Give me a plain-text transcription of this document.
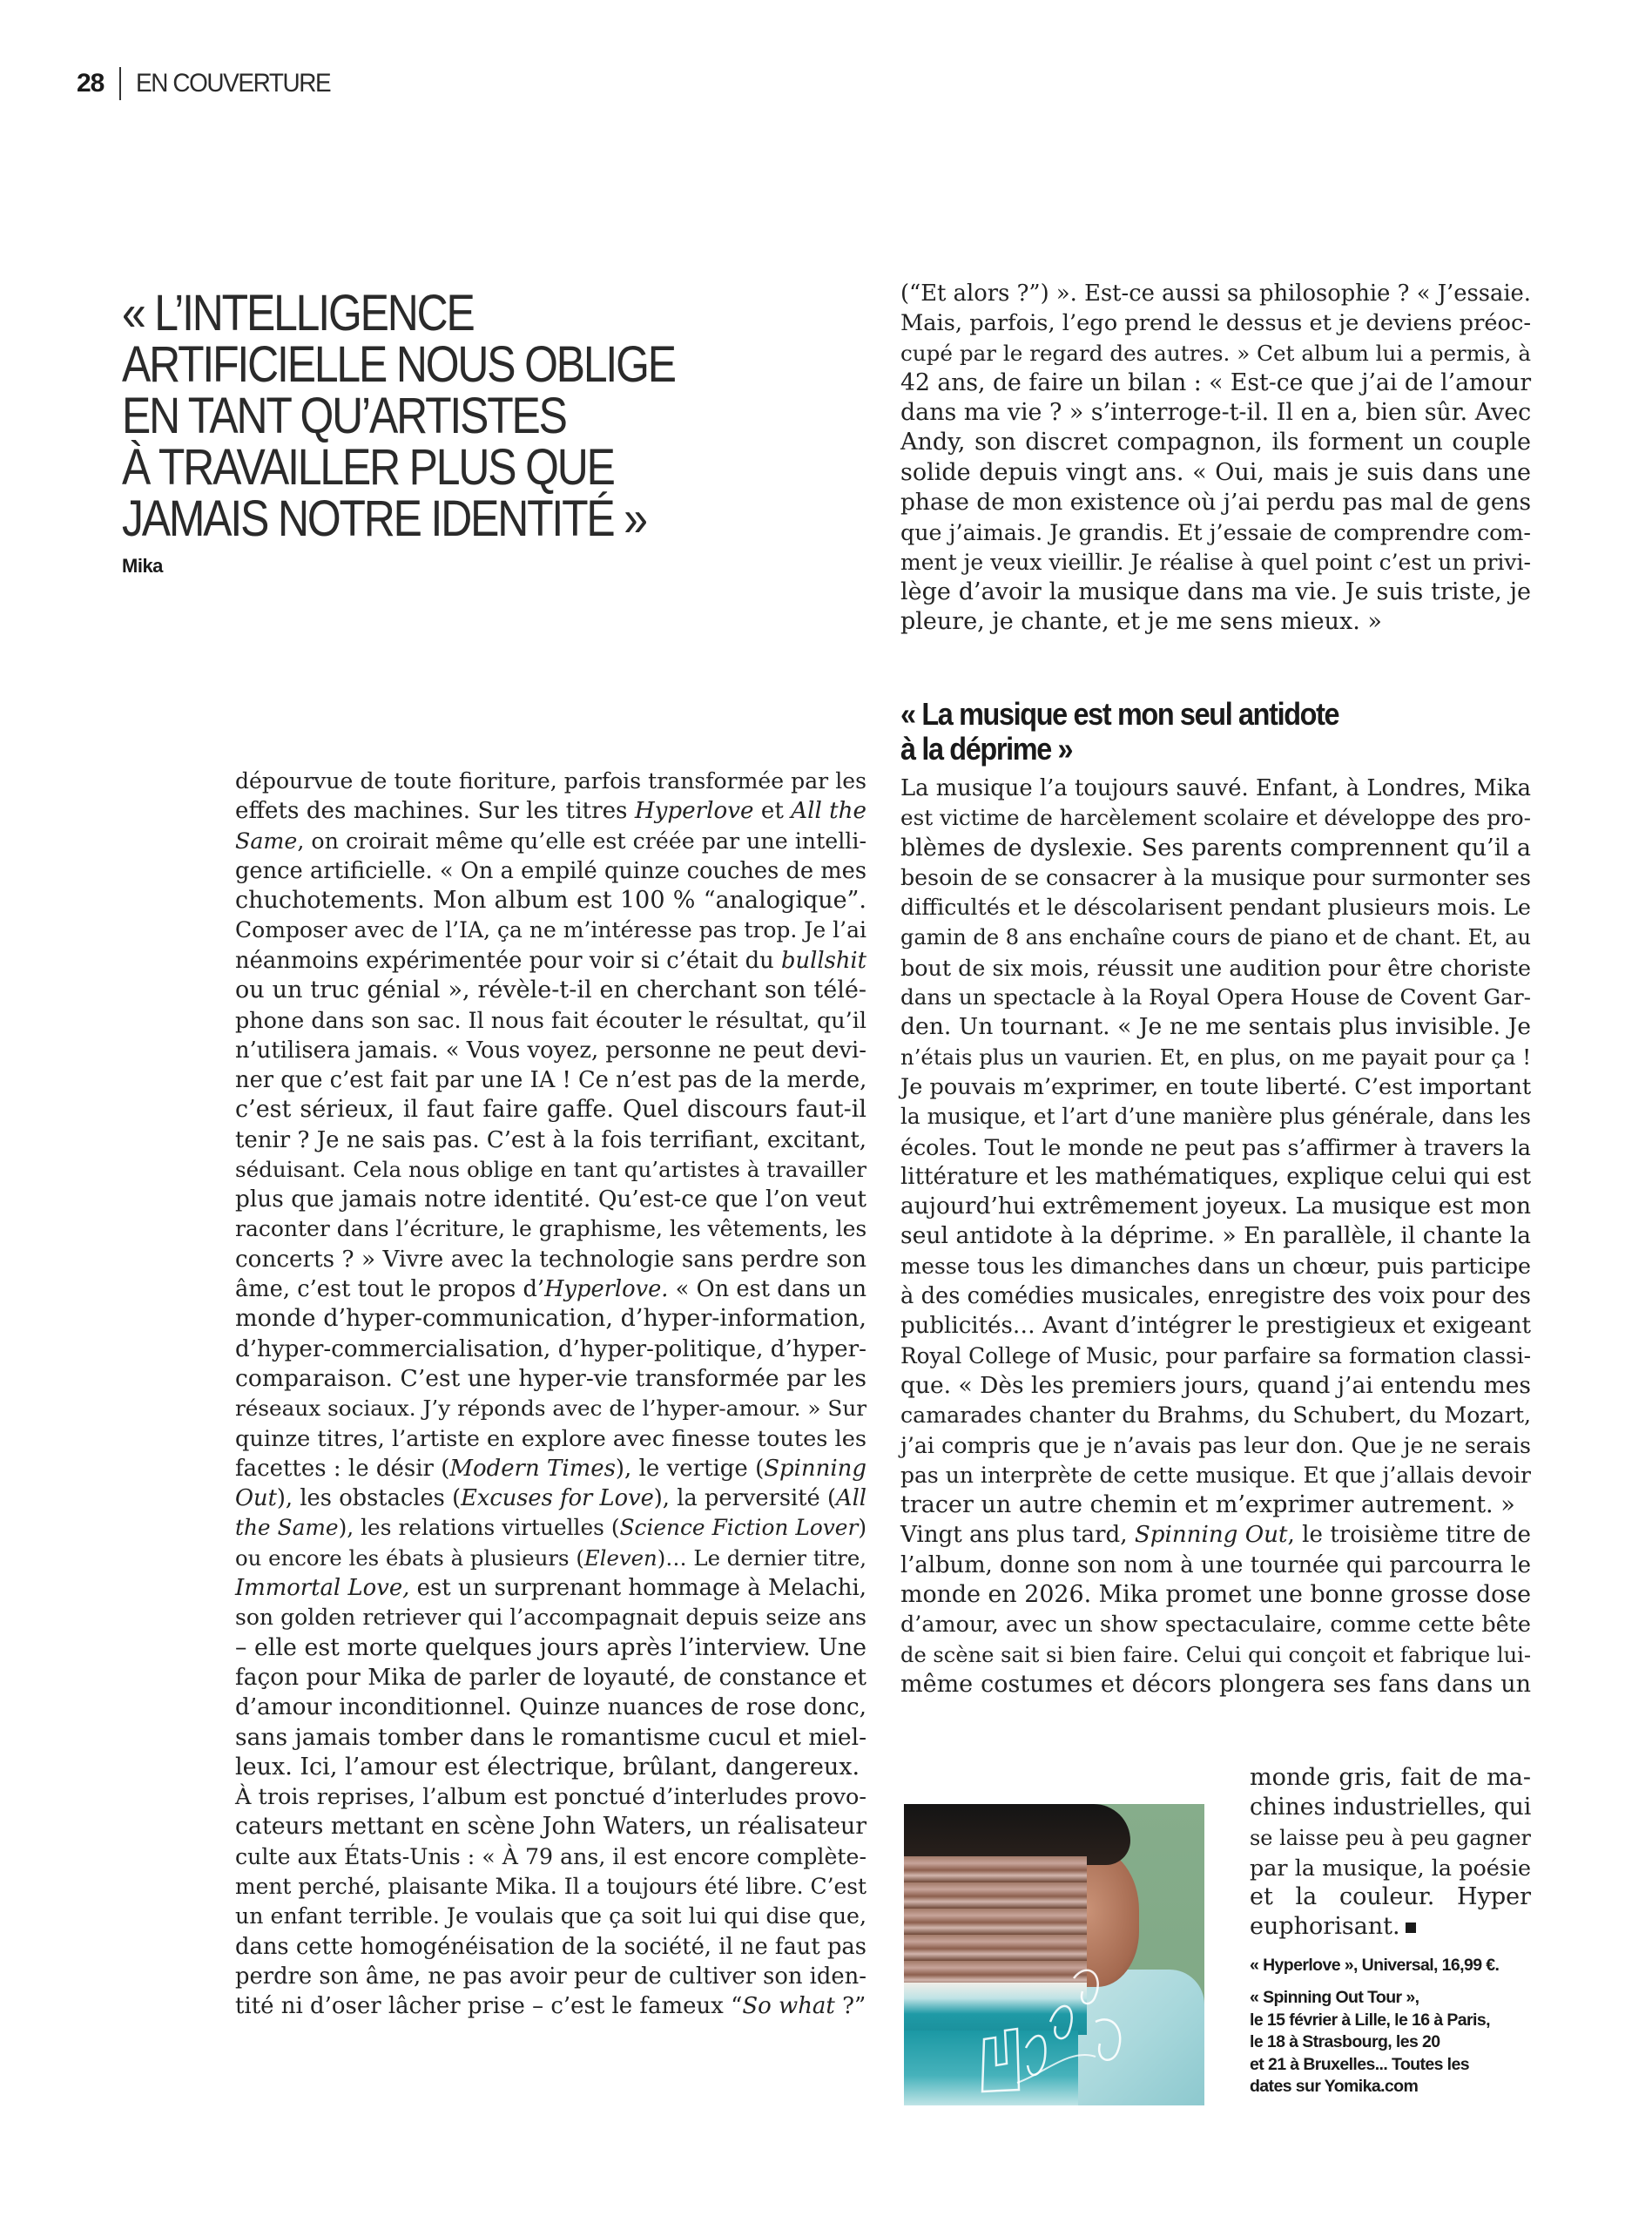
28 EN COUVERTURE
« L’INTELLIGENCE
ARTIFICIELLE NOUS OBLIGE
EN TANT QU’ARTISTES
À TRAVAILLER PLUS QUE
JAMAIS NOTRE IDENTITÉ »
Mika
dépourvue de toute fioriture, parfois transformée par les
effets des machines. Sur les titres Hyperlove et All the
Same, on croirait même qu’elle est créée par une intelli-
gence artificielle. « On a empilé quinze couches de mes
chuchotements. Mon album est 100 % “analogique”.
Composer avec de l’IA, ça ne m’intéresse pas trop. Je l’ai
néanmoins expérimentée pour voir si c’était du bullshit
ou un truc génial », révèle-t-il en cherchant son télé-
phone dans son sac. Il nous fait écouter le résultat, qu’il
n’utilisera jamais. « Vous voyez, personne ne peut devi-
ner que c’est fait par une IA ! Ce n’est pas de la merde,
c’est sérieux, il faut faire gaffe. Quel discours faut-il
tenir ? Je ne sais pas. C’est à la fois terrifiant, excitant,
séduisant. Cela nous oblige en tant qu’artistes à travailler
plus que jamais notre identité. Qu’est-ce que l’on veut
raconter dans l’écriture, le graphisme, les vêtements, les
concerts ? » Vivre avec la technologie sans perdre son
âme, c’est tout le propos d’Hyperlove. « On est dans un
monde d’hyper-communication, d’hyper-information,
d’hyper-commercialisation, d’hyper-politique, d’hyper-
comparaison. C’est une hyper-vie transformée par les
réseaux sociaux. J’y réponds avec de l’hyper-amour. » Sur
quinze titres, l’artiste en explore avec finesse toutes les
facettes : le désir (Modern Times), le vertige (Spinning
Out), les obstacles (Excuses for Love), la perversité (All
the Same), les relations virtuelles (Science Fiction Lover)
ou encore les ébats à plusieurs (Eleven)… Le dernier titre,
Immortal Love, est un surprenant hommage à Melachi,
son golden retriever qui l’accompagnait depuis seize ans
– elle est morte quelques jours après l’interview. Une
façon pour Mika de parler de loyauté, de constance et
d’amour inconditionnel. Quinze nuances de rose donc,
sans jamais tomber dans le romantisme cucul et miel-
leux. Ici, l’amour est électrique, brûlant, dangereux.
À trois reprises, l’album est ponctué d’interludes provo-
cateurs mettant en scène John Waters, un réalisateur
culte aux États-Unis : « À 79 ans, il est encore complète-
ment perché, plaisante Mika. Il a toujours été libre. C’est
un enfant terrible. Je voulais que ça soit lui qui dise que,
dans cette homogénéisation de la société, il ne faut pas
perdre son âme, ne pas avoir peur de cultiver son iden-
tité ni d’oser lâcher prise – c’est le fameux “So what ?”
(“Et alors ?”) ». Est-ce aussi sa philosophie ? « J’essaie.
Mais, parfois, l’ego prend le dessus et je deviens préoc-
cupé par le regard des autres. » Cet album lui a permis, à
42 ans, de faire un bilan : « Est-ce que j’ai de l’amour
dans ma vie ? » s’interroge-t-il. Il en a, bien sûr. Avec
Andy, son discret compagnon, ils forment un couple
solide depuis vingt ans. « Oui, mais je suis dans une
phase de mon existence où j’ai perdu pas mal de gens
que j’aimais. Je grandis. Et j’essaie de comprendre com-
ment je veux vieillir. Je réalise à quel point c’est un privi-
lège d’avoir la musique dans ma vie. Je suis triste, je
pleure, je chante, et je me sens mieux. »
« La musique est mon seul antidote
à la déprime »
La musique l’a toujours sauvé. Enfant, à Londres, Mika
est victime de harcèlement scolaire et développe des pro-
blèmes de dyslexie. Ses parents comprennent qu’il a
besoin de se consacrer à la musique pour surmonter ses
difficultés et le déscolarisent pendant plusieurs mois. Le
gamin de 8 ans enchaîne cours de piano et de chant. Et, au
bout de six mois, réussit une audition pour être choriste
dans un spectacle à la Royal Opera House de Covent Gar-
den. Un tournant. « Je ne me sentais plus invisible. Je
n’étais plus un vaurien. Et, en plus, on me payait pour ça !
Je pouvais m’exprimer, en toute liberté. C’est important
la musique, et l’art d’une manière plus générale, dans les
écoles. Tout le monde ne peut pas s’affirmer à travers la
littérature et les mathématiques, explique celui qui est
aujourd’hui extrêmement joyeux. La musique est mon
seul antidote à la déprime. » En parallèle, il chante la
messe tous les dimanches dans un chœur, puis participe
à des comédies musicales, enregistre des voix pour des
publicités… Avant d’intégrer le prestigieux et exigeant
Royal College of Music, pour parfaire sa formation classi-
que. « Dès les premiers jours, quand j’ai entendu mes
camarades chanter du Brahms, du Schubert, du Mozart,
j’ai compris que je n’avais pas leur don. Que je ne serais
pas un interprète de cette musique. Et que j’allais devoir
tracer un autre chemin et m’exprimer autrement. »
Vingt ans plus tard, Spinning Out, le troisième titre de
l’album, donne son nom à une tournée qui parcourra le
monde en 2026. Mika promet une bonne grosse dose
d’amour, avec un show spectaculaire, comme cette bête
de scène sait si bien faire. Celui qui conçoit et fabrique lui-
même costumes et décors plongera ses fans dans un
monde gris, fait de ma-
chines industrielles, qui
se laisse peu à peu gagner
par la musique, la poésie
et la couleur. Hyper
euphorisant.
« Hyperlove », Universal, 16,99 €.
« Spinning Out Tour »,
le 15 février à Lille, le 16 à Paris,
le 18 à Strasbourg, les 20
et 21 à Bruxelles... Toutes les
dates sur Yomika.com
